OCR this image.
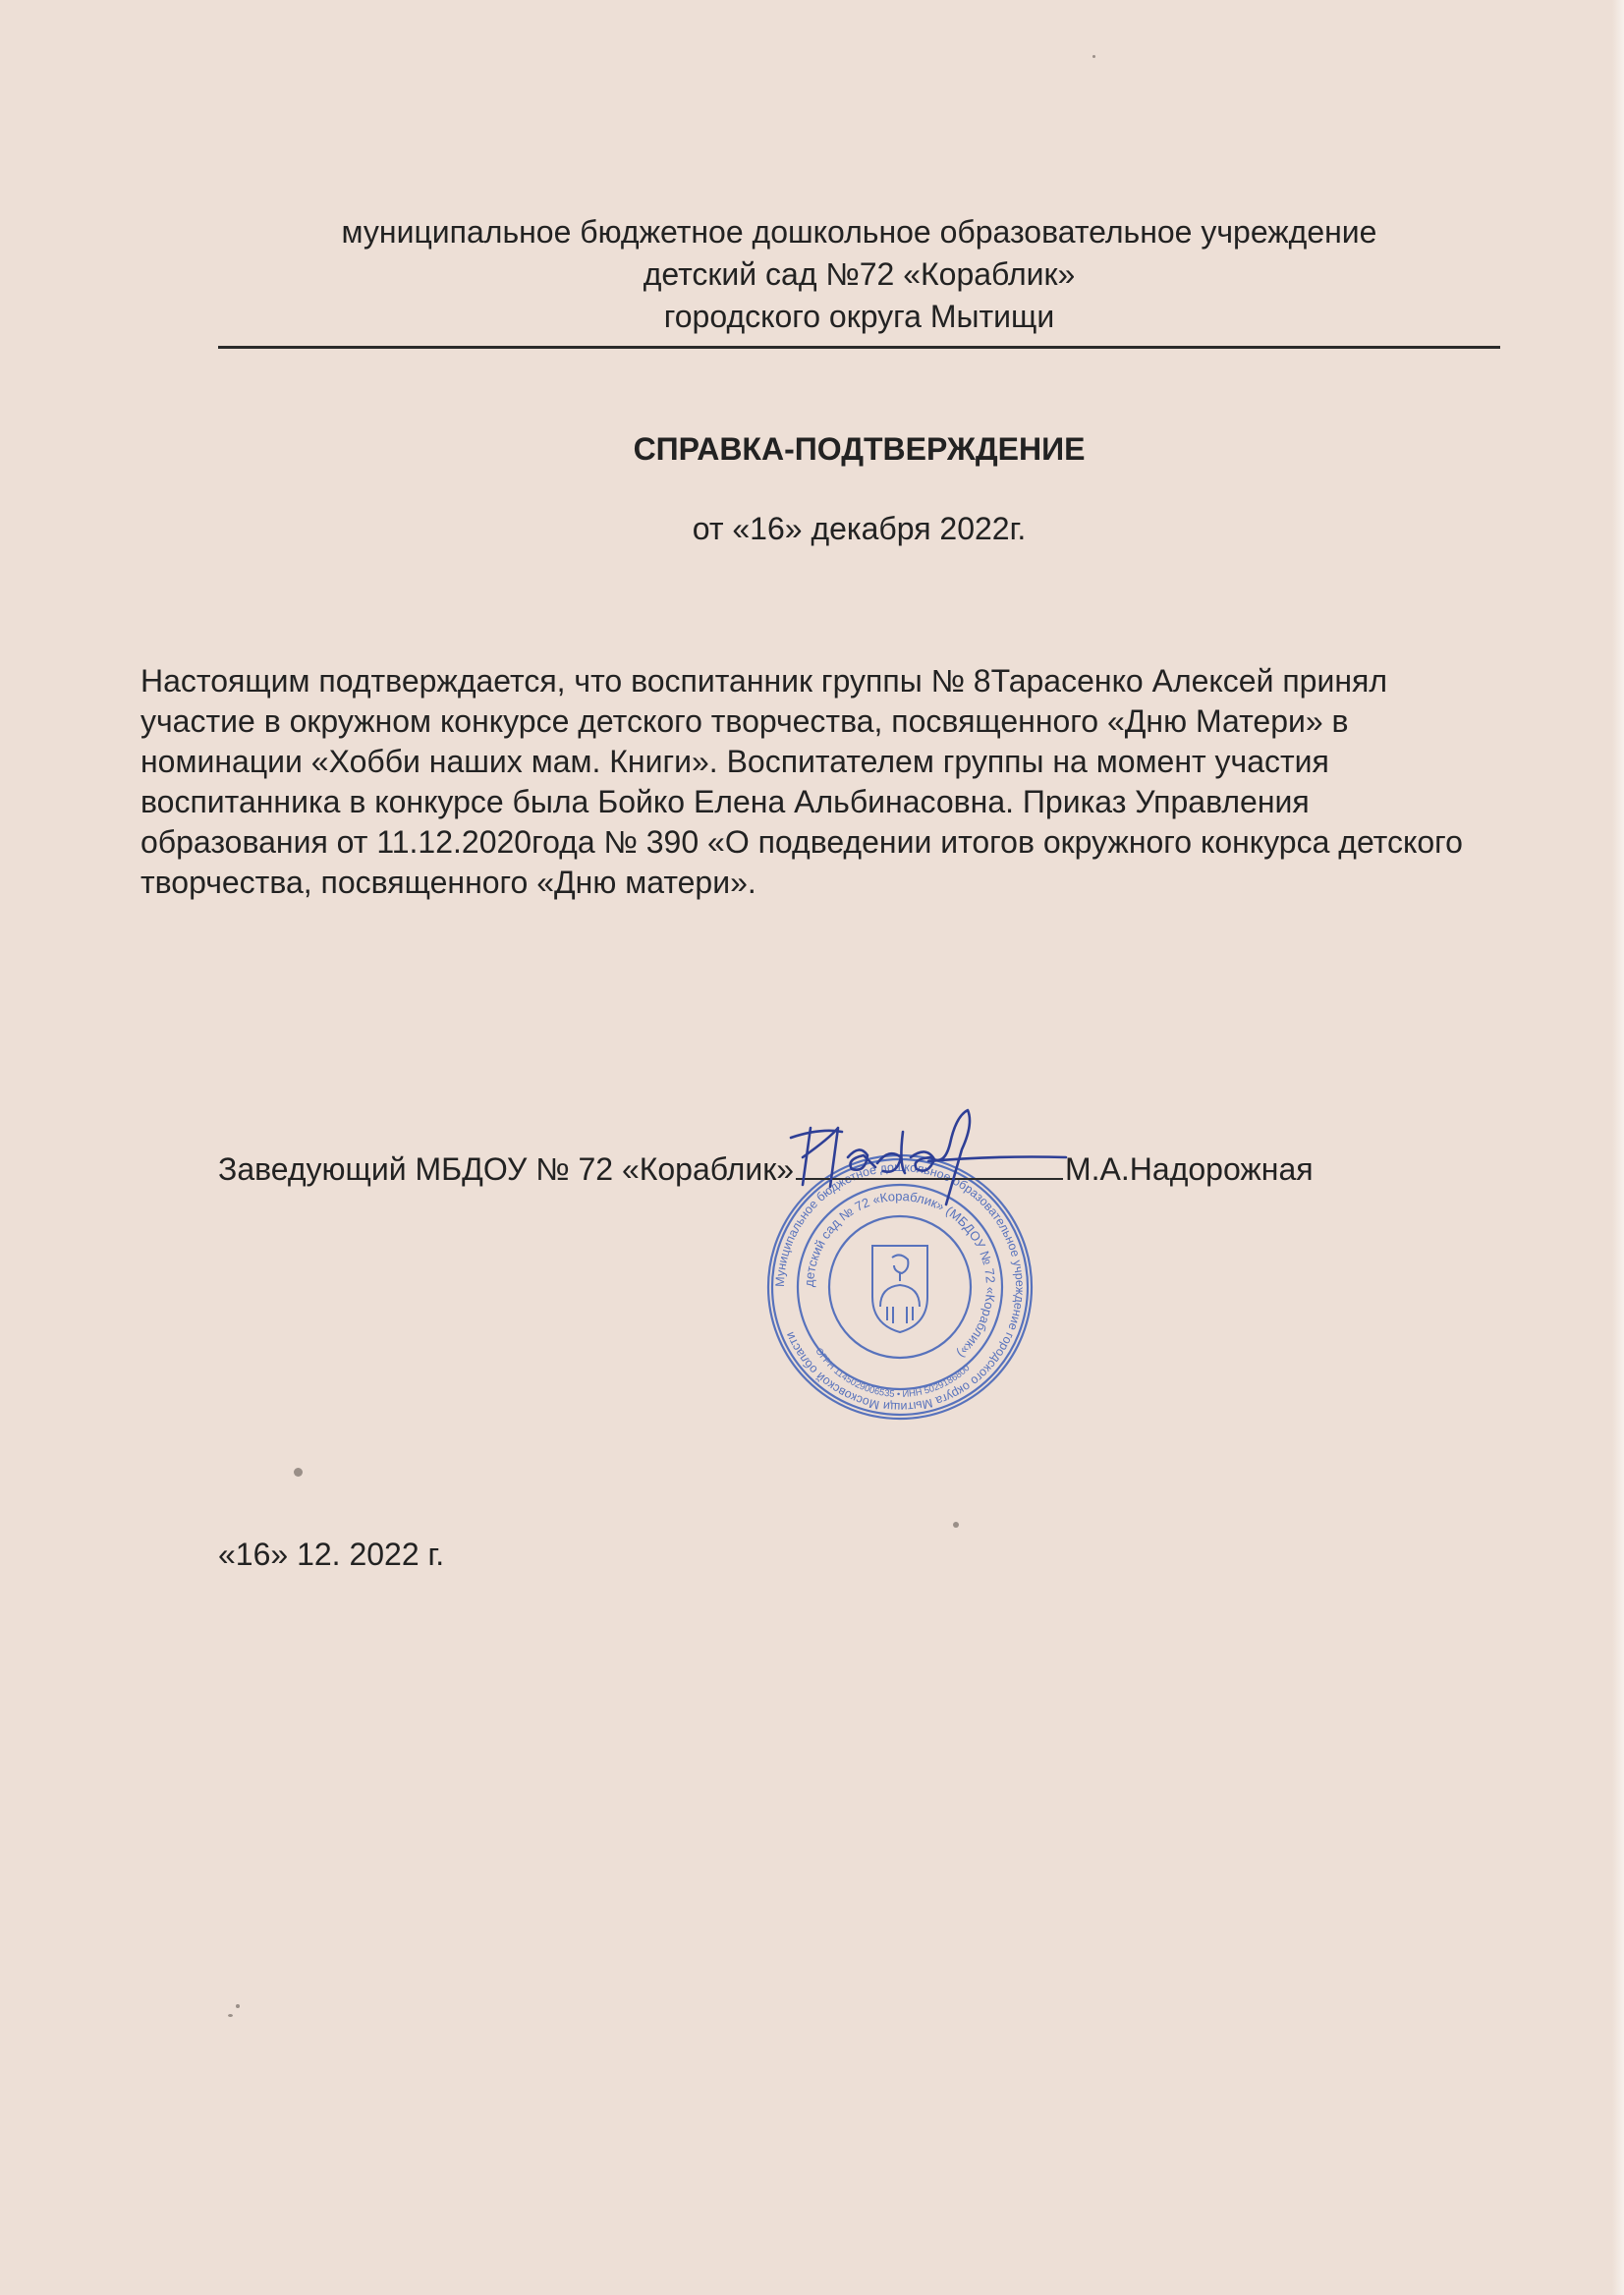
муниципальное бюджетное дошкольное образовательное учреждение
детский сад №72 «Кораблик»
городского округа Мытищи
СПРАВКА-ПОДТВЕРЖДЕНИЕ
от «16» декабря 2022г.
Настоящим подтверждается, что воспитанник группы № 8Тарасенко Алексей принял
участие в окружном конкурсе детского творчества, посвященного «Дню Матери» в
номинации «Хобби наших мам. Книги». Воспитателем группы на момент участия
воспитанника в конкурсе была Бойко Елена Альбинасовна. Приказ Управления
образования от 11.12.2020года № 390 «О подведении итогов окружного конкурса детского
творчества, посвященного «Дню матери».
Муниципальное бюджетное дошкольное образовательное учреждение городского округа Мытищи Московской области
детский сад № 72 «Кораблик» (МБДОУ № 72 «Кораблик»)
ОГРН 1145029006535 • ИНН 5029186800
Заведующий МБДОУ № 72 «Кораблик»	М.А.Надорожная
«16» 12. 2022 г.
